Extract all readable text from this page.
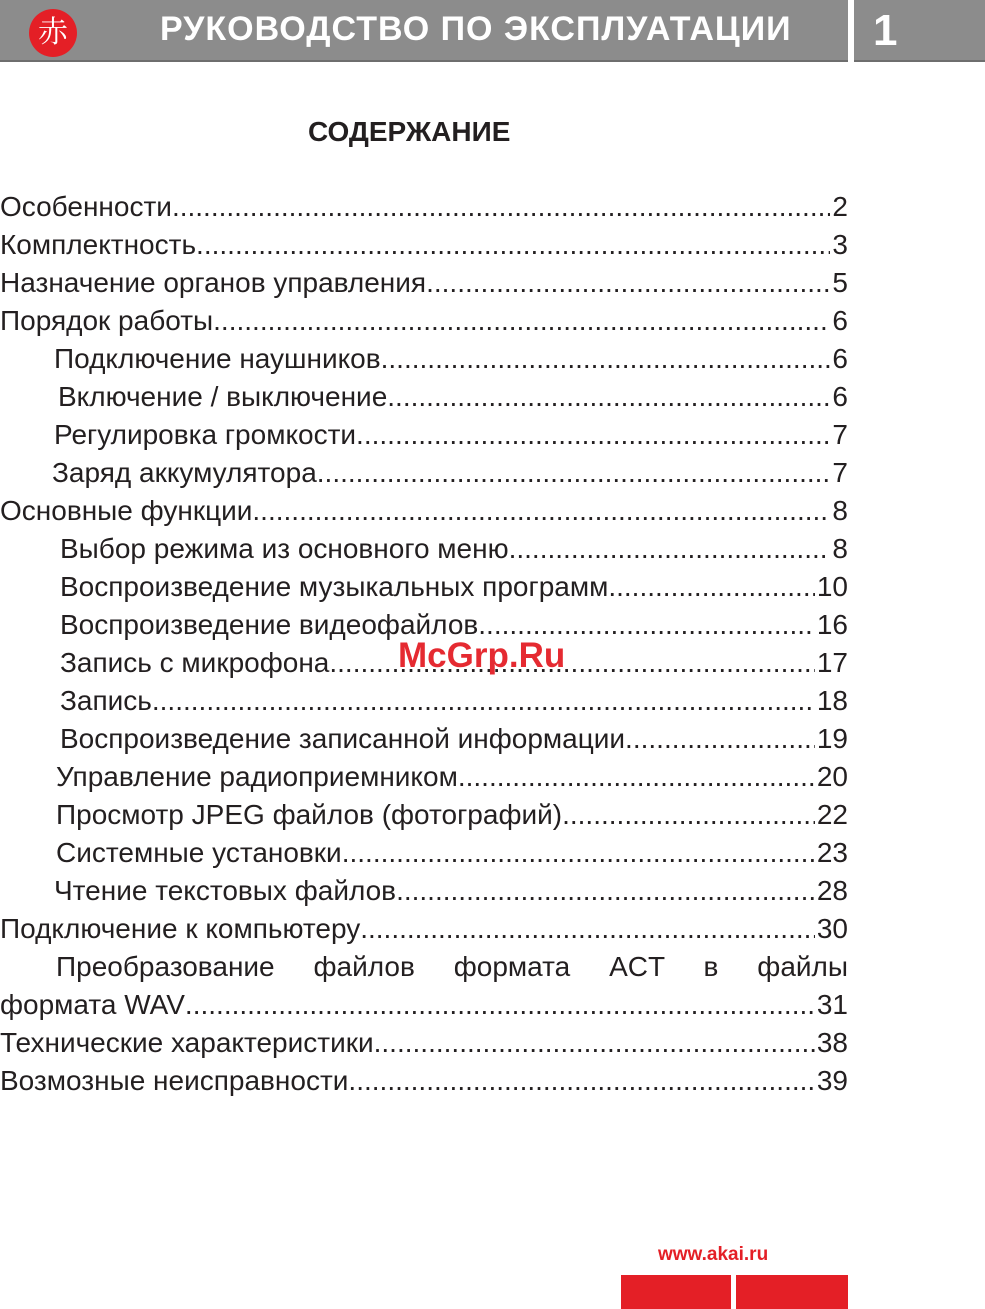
赤	РУКОВОДСТВО ПО ЭКСПЛУАТАЦИИ 1
СОДЕРЖАНИЕ
Особенности .....	2
Комплектность .....	3
Назначение органов управления .....	5
Порядок работы .....	6
Подключение наушников .....	6
Включение / выключение .....	6
Регулировка громкости .....	7
Заряд аккумулятора .....	7
Основные функции .....	8
Выбор режима из основного меню .....	8
Воспроизведение музыкальных программ .....	10
Воспроизведение видеофайлов .....	16
Запись с микрофона .....	17
Запись .....	18
Воспроизведение записанной информации .....	19
Управление радиоприемником .....	20
Просмотр JPEG файлов (фотографий) .....	22
Системные установки .....	23
Чтение текстовых файлов .....	28
Подключение к компьютеру .....	30
Преобразование файлов формата ACT в файлы
формата WAV .....	31
Технические характеристики .....	38
Возмозные неисправности .....	39
McGrp.Ru
www.akai.ru
